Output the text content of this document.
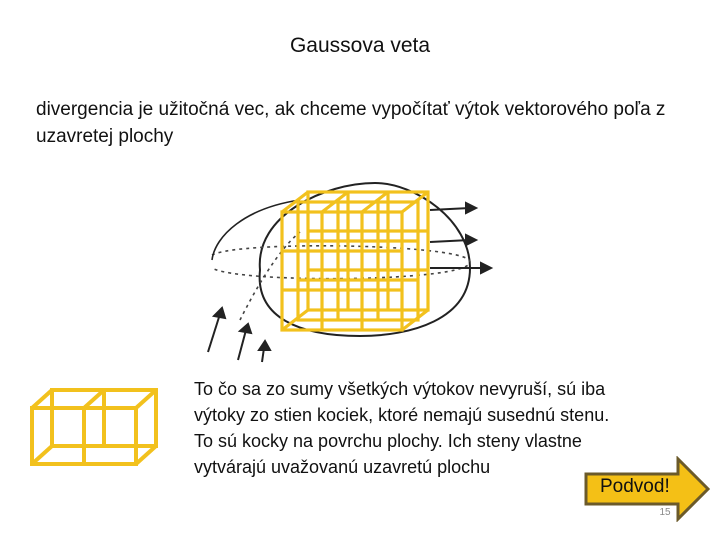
Gaussova veta
divergencia je užitočná vec, ak chceme vypočítať výtok vektorového poľa z uzavretej plochy

To čo sa zo sumy všetkých výtokov nevyruší, sú iba

výtoky zo stien kociek, ktoré nemajú susednú stenu.

To sú kocky na povrchu plochy. Ich steny vlastne

vytvárajú uvažovanú uzavretú plochu

Podvod!
15
